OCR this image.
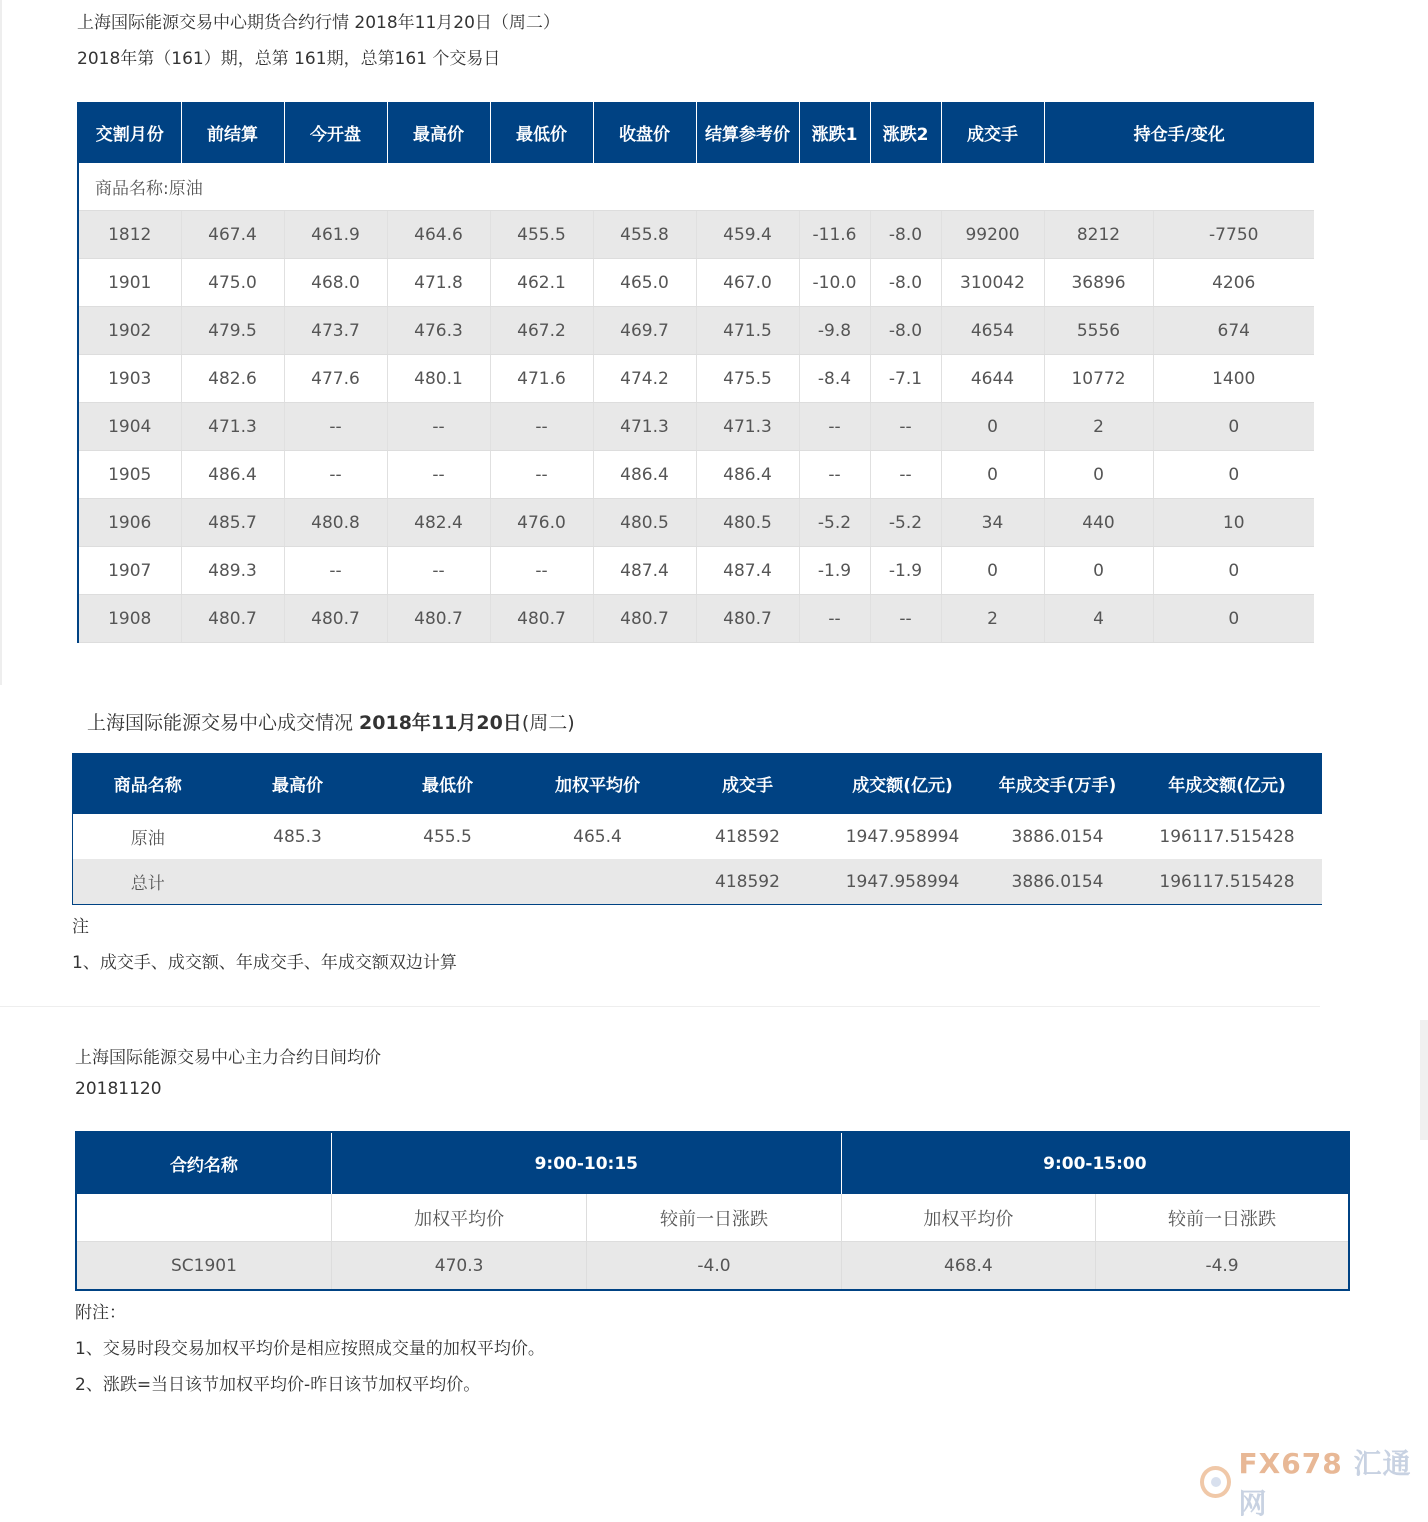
上海国际能源交易中心期货合约行情 2018年11月20日（周二）
2018年第（161）期，总第 161期，总第161 个交易日
交割月份	前结算	今开盘	最高价	最低价	收盘价	结算参考价	涨跌1	涨跌2	成交手	持仓手/变化	
商品名称:原油											
1812	467.4	461.9	464.6	455.5	455.8	459.4	-11.6	-8.0	99200	8212	-7750
1901	475.0	468.0	471.8	462.1	465.0	467.0	-10.0	-8.0	310042	36896	4206
1902	479.5	473.7	476.3	467.2	469.7	471.5	-9.8	-8.0	4654	5556	674
1903	482.6	477.6	480.1	471.6	474.2	475.5	-8.4	-7.1	4644	10772	1400
1904	471.3	--	--	--	471.3	471.3	--	--	0	2	0
1905	486.4	--	--	--	486.4	486.4	--	--	0	0	0
1906	485.7	480.8	482.4	476.0	480.5	480.5	-5.2	-5.2	34	440	10
1907	489.3	--	--	--	487.4	487.4	-1.9	-1.9	0	0	0
1908	480.7	480.7	480.7	480.7	480.7	480.7	--	--	2	4	0
上海国际能源交易中心成交情况 2018年11月20日(周二)
商品名称	最高价	最低价	加权平均价	成交手	成交额(亿元)	年成交手(万手)	年成交额(亿元)
原油	485.3	455.5	465.4	418592	1947.958994	3886.0154	196117.515428
总计				418592	1947.958994	3886.0154	196117.515428
注
1、成交手、成交额、年成交手、年成交额双边计算
上海国际能源交易中心主力合约日间均价
20181120
合约名称	9:00-10:15		9:00-15:00	
	加权平均价	较前一日涨跌	加权平均价	较前一日涨跌
SC1901	470.3	-4.0	468.4	-4.9
附注：
1、交易时段交易加权平均价是相应按照成交量的加权平均价。
2、涨跌=当日该节加权平均价-昨日该节加权平均价。
FX678 汇通网
